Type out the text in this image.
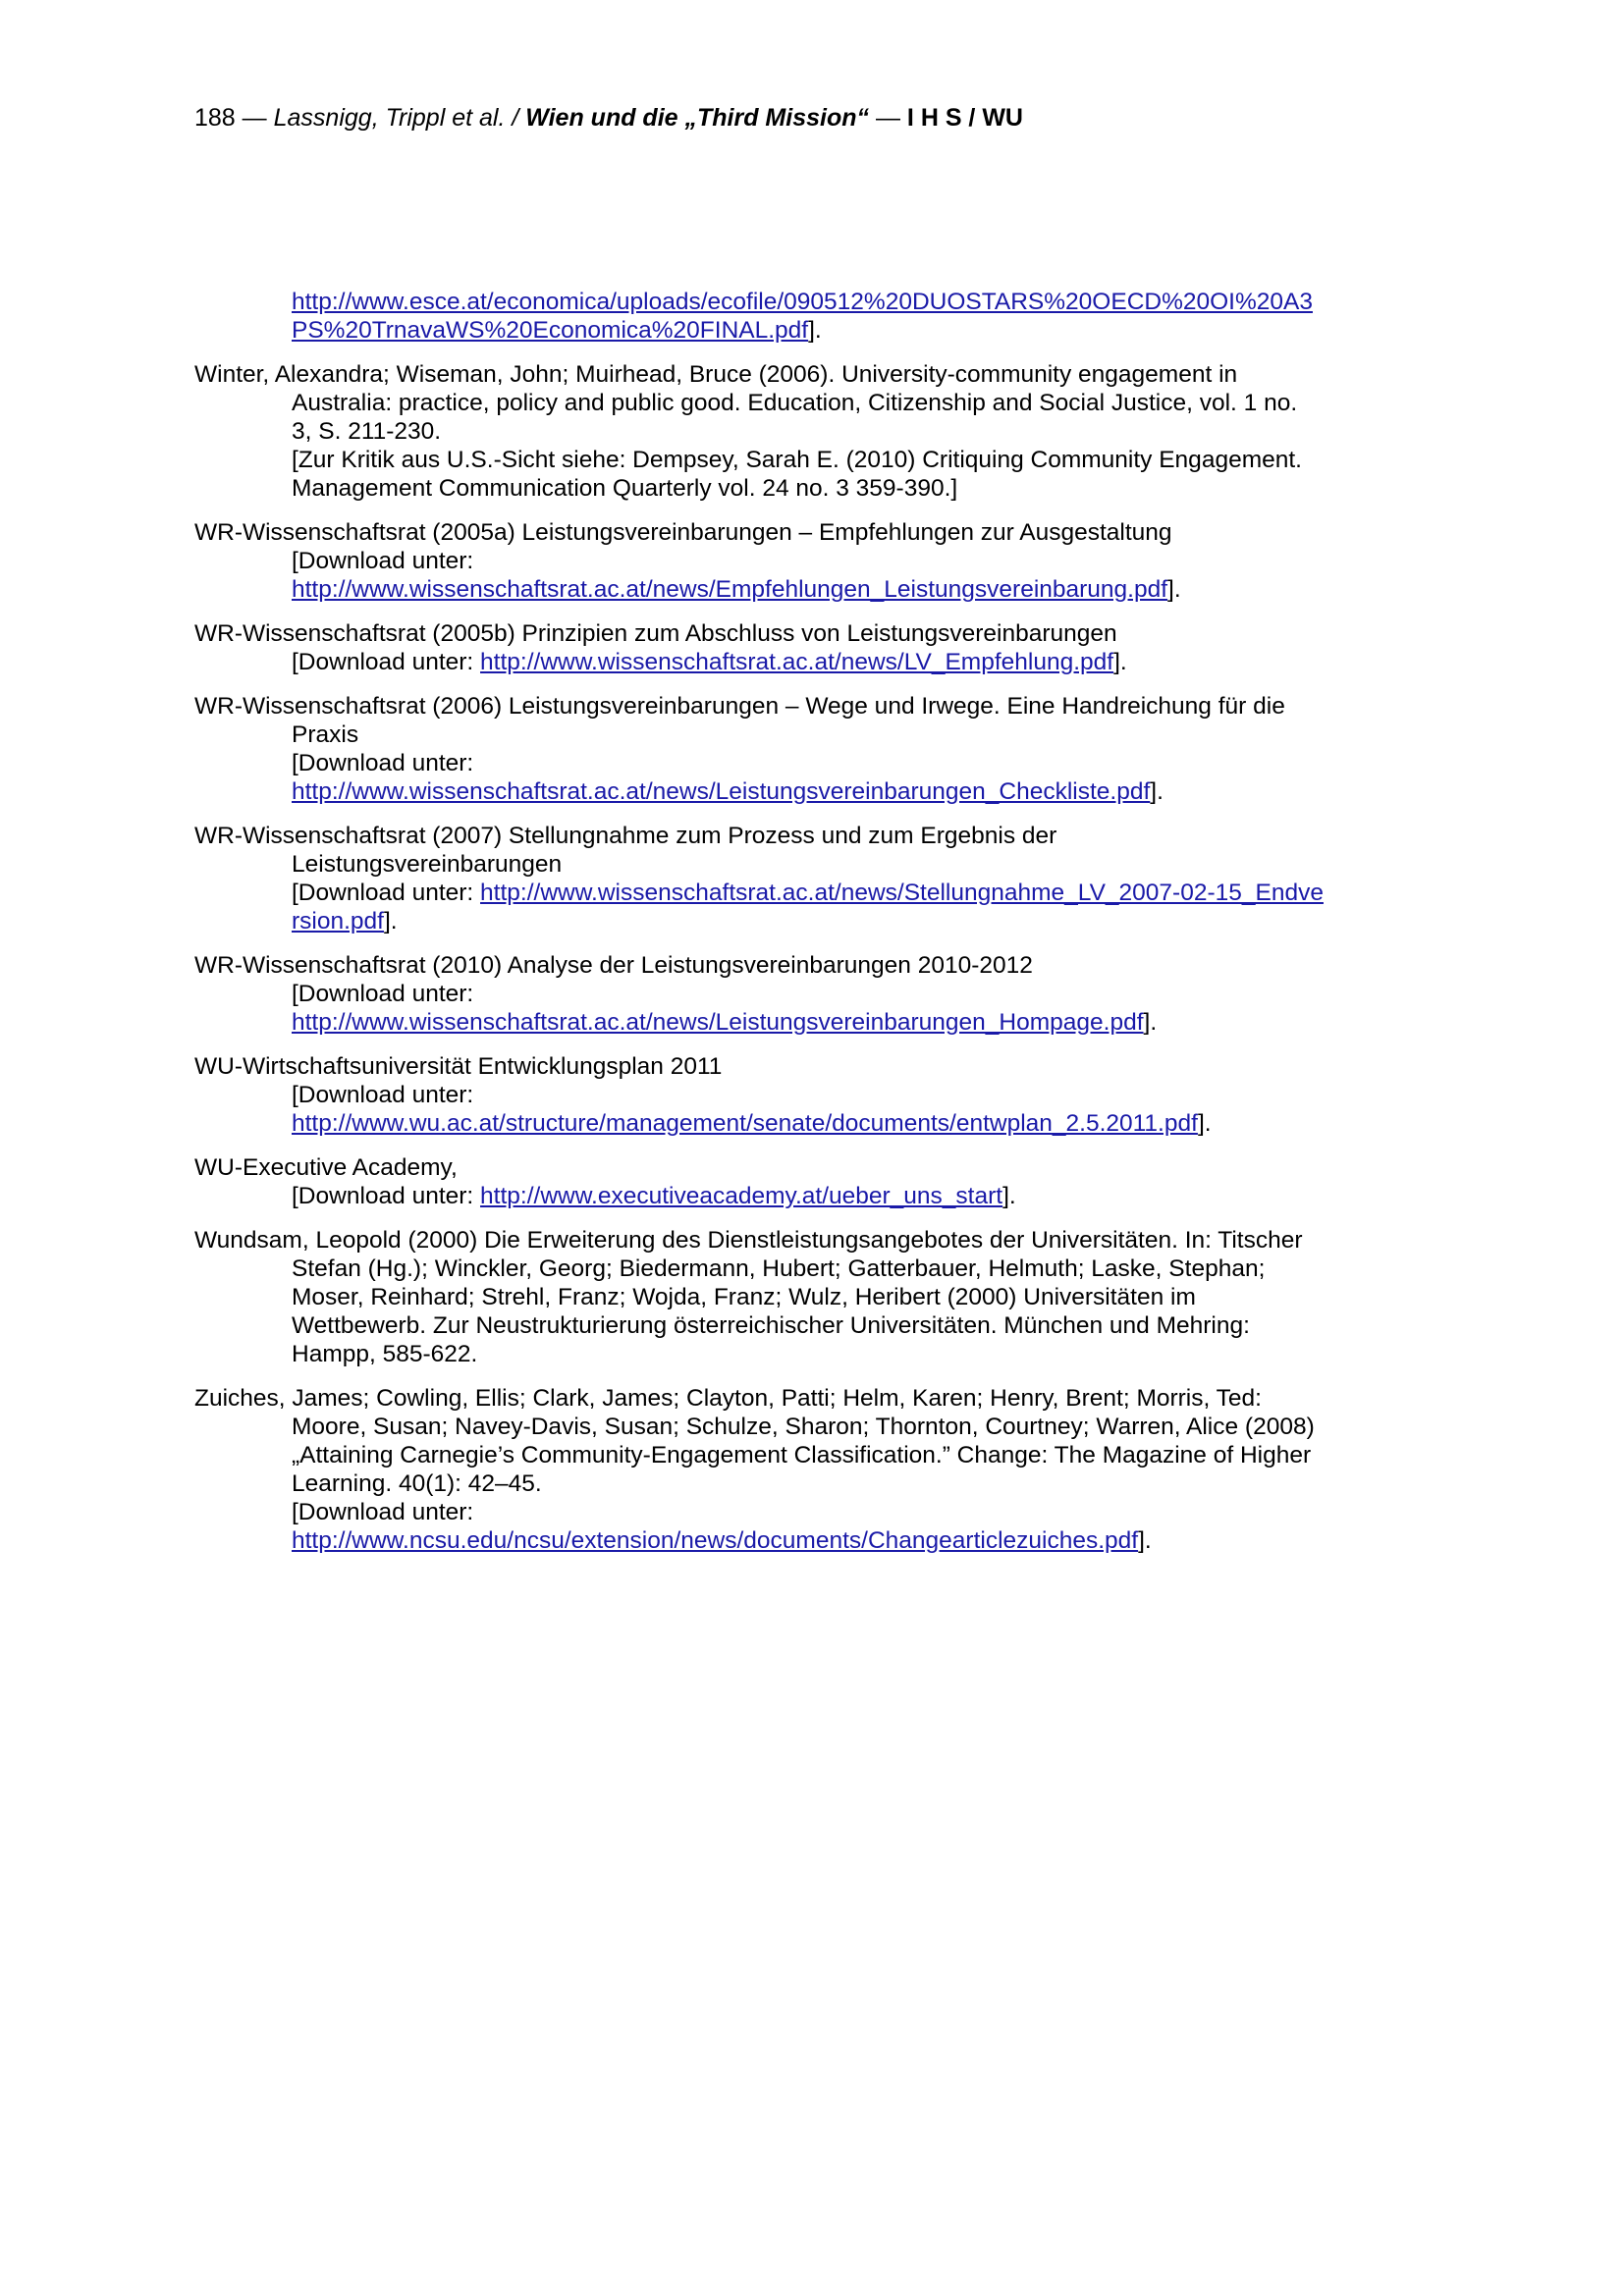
188 — Lassnigg, Trippl et al. / Wien und die „Third Mission“ — I H S / WU
http://www.esce.at/economica/uploads/ecofile/090512%20DUOSTARS%20OECD%20OI%20A3PS%20TrnavaWS%20Economica%20FINAL.pdf].
Winter, Alexandra; Wiseman, John; Muirhead, Bruce (2006). University-community engagement in Australia: practice, policy and public good. Education, Citizenship and Social Justice, vol. 1 no. 3, S. 211-230.
[Zur Kritik aus U.S.-Sicht siehe: Dempsey, Sarah E. (2010) Critiquing Community Engagement. Management Communication Quarterly vol. 24 no. 3 359-390.]
WR-Wissenschaftsrat (2005a) Leistungsvereinbarungen – Empfehlungen zur Ausgestaltung
[Download unter:
http://www.wissenschaftsrat.ac.at/news/Empfehlungen_Leistungsvereinbarung.pdf].
WR-Wissenschaftsrat (2005b) Prinzipien zum Abschluss von Leistungsvereinbarungen
[Download unter: http://www.wissenschaftsrat.ac.at/news/LV_Empfehlung.pdf].
WR-Wissenschaftsrat (2006) Leistungsvereinbarungen – Wege und Irwege. Eine Handreichung für die Praxis
[Download unter:
http://www.wissenschaftsrat.ac.at/news/Leistungsvereinbarungen_Checkliste.pdf].
WR-Wissenschaftsrat (2007) Stellungnahme zum Prozess und zum Ergebnis der Leistungsvereinbarungen
[Download unter: http://www.wissenschaftsrat.ac.at/news/Stellungnahme_LV_2007-02-15_Endversion.pdf].
WR-Wissenschaftsrat (2010) Analyse der Leistungsvereinbarungen 2010-2012
[Download unter:
http://www.wissenschaftsrat.ac.at/news/Leistungsvereinbarungen_Hompage.pdf].
WU-Wirtschaftsuniversität Entwicklungsplan 2011
[Download unter:
http://www.wu.ac.at/structure/management/senate/documents/entwplan_2.5.2011.pdf].
WU-Executive Academy,
[Download unter: http://www.executiveacademy.at/ueber_uns_start].
Wundsam, Leopold (2000) Die Erweiterung des Dienstleistungsangebotes der Universitäten. In: Titscher Stefan (Hg.); Winckler, Georg; Biedermann, Hubert; Gatterbauer, Helmuth; Laske, Stephan; Moser, Reinhard; Strehl, Franz; Wojda, Franz; Wulz, Heribert (2000) Universitäten im Wettbewerb. Zur Neustrukturierung österreichischer Universitäten. München und Mehring: Hampp, 585-622.
Zuiches, James; Cowling, Ellis; Clark, James; Clayton, Patti; Helm, Karen; Henry, Brent; Morris, Ted: Moore, Susan; Navey-Davis, Susan; Schulze, Sharon; Thornton, Courtney; Warren, Alice (2008) „Attaining Carnegie’s Community-Engagement Classification.” Change: The Magazine of Higher Learning. 40(1): 42–45.
[Download unter:
http://www.ncsu.edu/ncsu/extension/news/documents/Changearticlezuiches.pdf].
